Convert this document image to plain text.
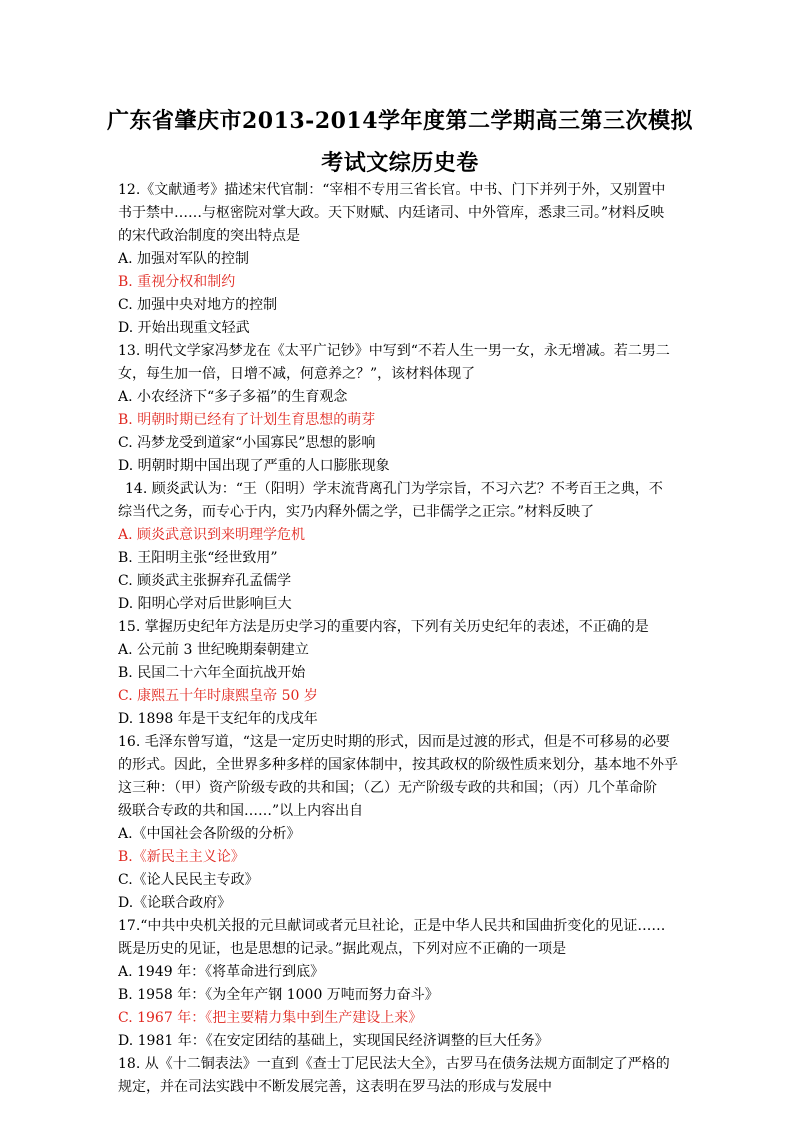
广东省肇庆市2013-2014学年度第二学期高三第三次模拟
考试文综历史卷
12.《文献通考》描述宋代官制：“宰相不专用三省长官。中书、门下并列于外，又别置中
书于禁中……与枢密院对掌大政。天下财赋、内廷诸司、中外管库，悉隶三司。”材料反映
的宋代政治制度的突出特点是
A. 加强对军队的控制
B. 重视分权和制约
C. 加强中央对地方的控制
D. 开始出现重文轻武
13. 明代文学家冯梦龙在《太平广记钞》中写到“不若人生一男一女，永无增减。若二男二
女，每生加一倍，日增不减，何意养之？”，该材料体现了
A. 小农经济下“多子多福”的生育观念
B. 明朝时期已经有了计划生育思想的萌芽
C. 冯梦龙受到道家“小国寡民”思想的影响
D. 明朝时期中国出现了严重的人口膨胀现象
14. 顾炎武认为：“王（阳明）学末流背离孔门为学宗旨，不习六艺？不考百王之典，不
综当代之务，而专心于内，实乃内释外儒之学，已非儒学之正宗。”材料反映了
A. 顾炎武意识到来明理学危机
B. 王阳明主张“经世致用”
C. 顾炎武主张摒弃孔孟儒学
D. 阳明心学对后世影响巨大
15. 掌握历史纪年方法是历史学习的重要内容，下列有关历史纪年的表述，不正确的是
A. 公元前 3 世纪晚期秦朝建立
B. 民国二十六年全面抗战开始
C. 康熙五十年时康熙皇帝 50 岁
D. 1898 年是干支纪年的戊戌年
16. 毛泽东曾写道，“这是一定历史时期的形式，因而是过渡的形式，但是不可移易的必要
的形式。因此，全世界多种多样的国家体制中，按其政权的阶级性质来划分，基本地不外乎
这三种：（甲）资产阶级专政的共和国；（乙）无产阶级专政的共和国；（丙）几个革命阶
级联合专政的共和国……”以上内容出自
A.《中国社会各阶级的分析》
B.《新民主主义论》
C.《论人民民主专政》
D.《论联合政府》
17.“中共中央机关报的元旦献词或者元旦社论，正是中华人民共和国曲折变化的见证……
既是历史的见证，也是思想的记录。”据此观点，下列对应不正确的一项是
A. 1949 年：《将革命进行到底》
B. 1958 年：《为全年产钢 1000 万吨而努力奋斗》
C. 1967 年：《把主要精力集中到生产建设上来》
D. 1981 年：《在安定团结的基础上，实现国民经济调整的巨大任务》
18. 从《十二铜表法》一直到《查士丁尼民法大全》，古罗马在债务法规方面制定了严格的
规定，并在司法实践中不断发展完善，这表明在罗马法的形成与发展中
